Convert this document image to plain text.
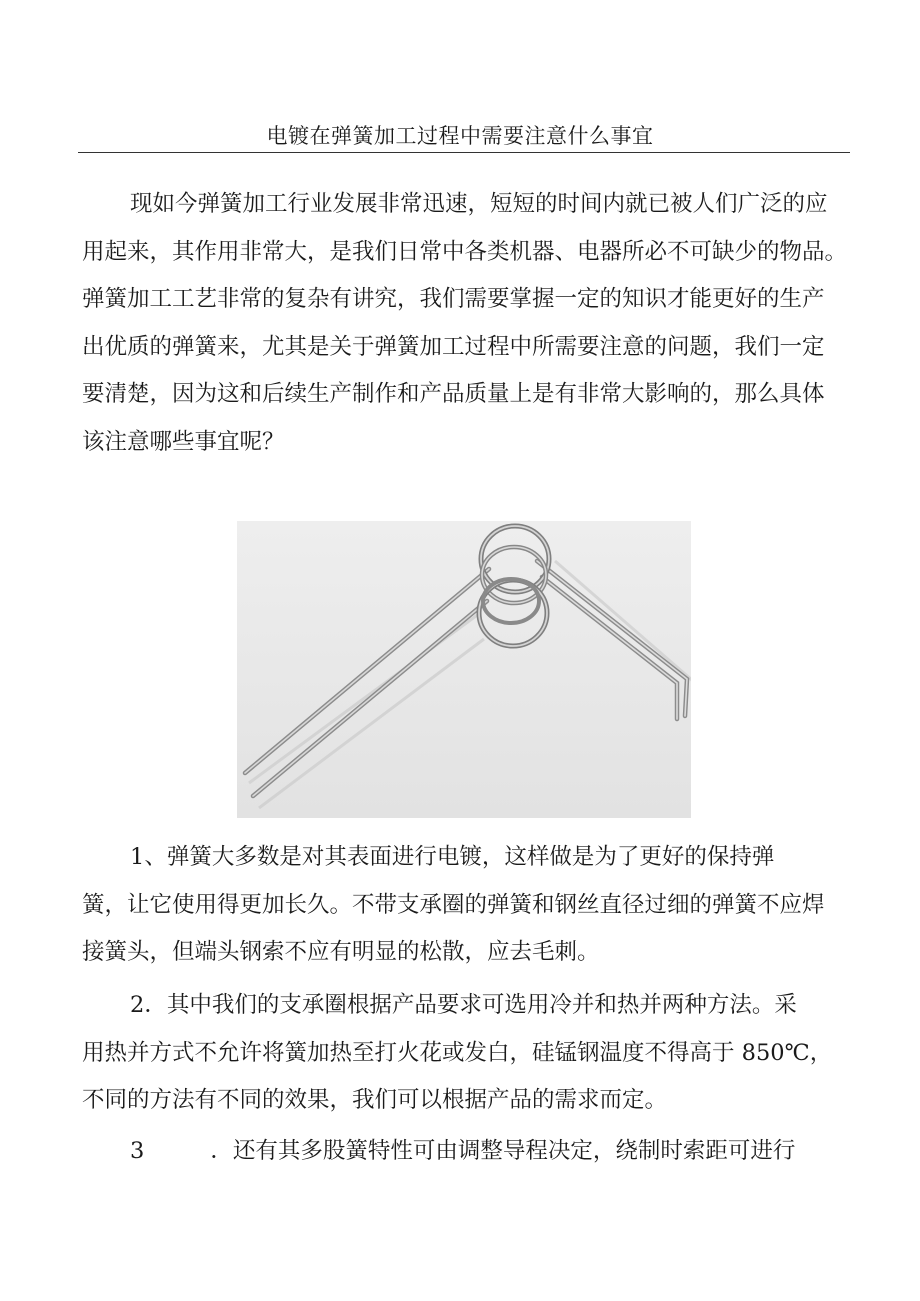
电镀在弹簧加工过程中需要注意什么事宜
现如今弹簧加工行业发展非常迅速，短短的时间内就已被人们广泛的应
用起来，其作用非常大，是我们日常中各类机器、电器所必不可缺少的物品。
弹簧加工工艺非常的复杂有讲究，我们需要掌握一定的知识才能更好的生产
出优质的弹簧来，尤其是关于弹簧加工过程中所需要注意的问题，我们一定
要清楚，因为这和后续生产制作和产品质量上是有非常大影响的，那么具体
该注意哪些事宜呢？
1、弹簧大多数是对其表面进行电镀，这样做是为了更好的保持弹
簧，让它使用得更加长久。不带支承圈的弹簧和钢丝直径过细的弹簧不应焊
接簧头，但端头钢索不应有明显的松散，应去毛刺。
2．其中我们的支承圈根据产品要求可选用冷并和热并两种方法。采
用热并方式不允许将簧加热至打火花或发白，硅锰钢温度不得高于 850℃，
不同的方法有不同的效果，我们可以根据产品的需求而定。
3	．还有其多股簧特性可由调整导程决定，绕制时索距可进行
